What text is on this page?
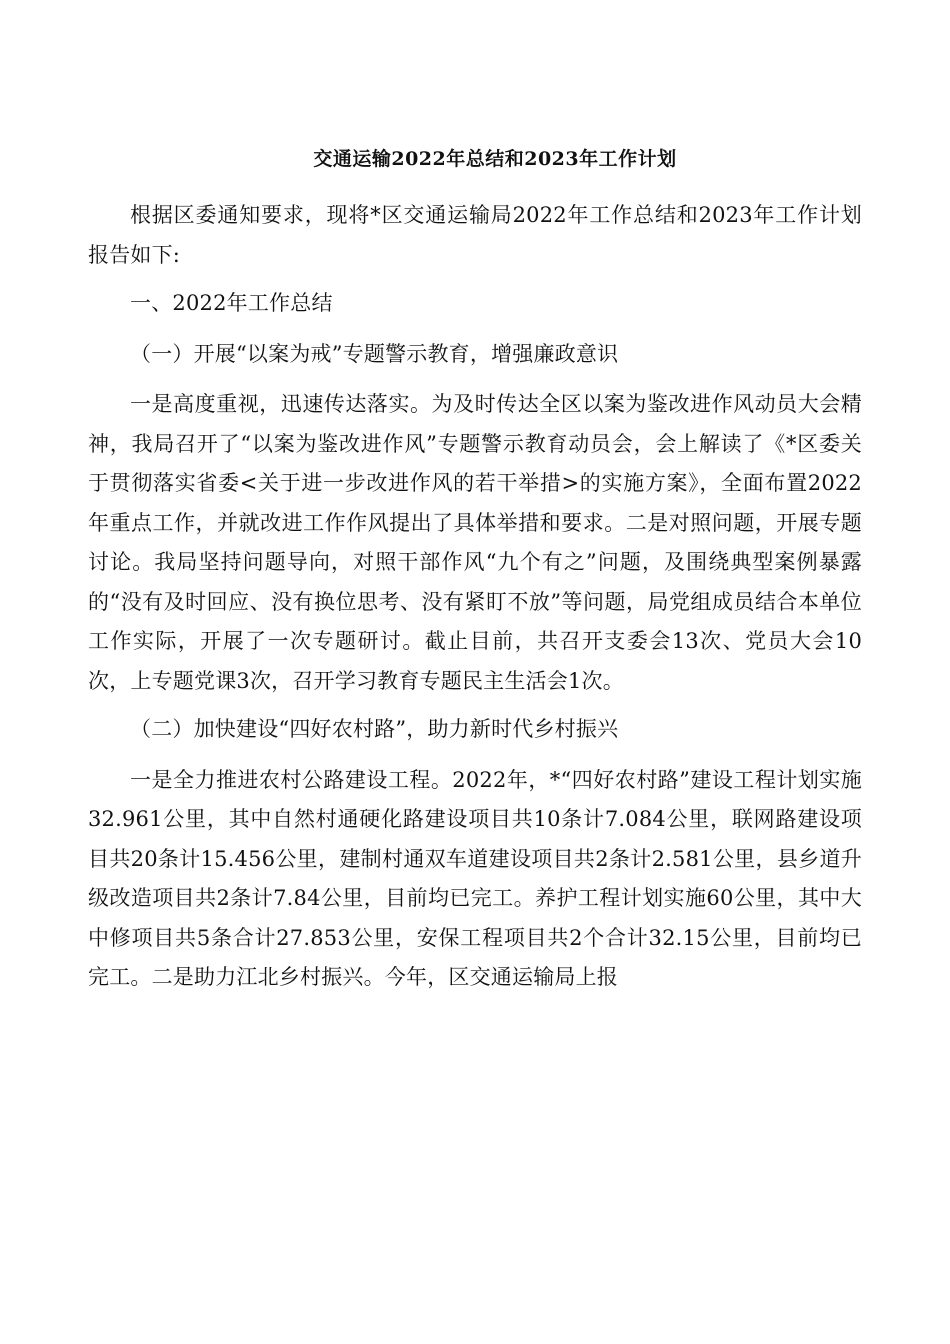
交通运输2022年总结和2023年工作计划

根据区委通知要求，现将*区交通运输局2022年工作总结和2023年工作计划报告如下:

一、2022年工作总结

（一）开展“以案为戒”专题警示教育，增强廉政意识

一是高度重视，迅速传达落实。为及时传达全区以案为鉴改进作风动员大会精神，我局召开了“以案为鉴改进作风”专题警示教育动员会，会上解读了《*区委关于贯彻落实省委<关于进一步改进作风的若干举措>的实施方案》，全面布置2022年重点工作，并就改进工作作风提出了具体举措和要求。二是对照问题，开展专题讨论。我局坚持问题导向，对照干部作风“九个有之”问题，及围绕典型案例暴露的“没有及时回应、没有换位思考、没有紧盯不放”等问题，局党组成员结合本单位工作实际，开展了一次专题研讨。截止目前，共召开支委会13次、党员大会10次，上专题党课3次，召开学习教育专题民主生活会1次。

（二）加快建设“四好农村路”，助力新时代乡村振兴

一是全力推进农村公路建设工程。2022年，*“四好农村路”建设工程计划实施32.961公里，其中自然村通硬化路建设项目共10条计7.084公里，联网路建设项目共20条计15.456公里，建制村通双车道建设项目共2条计2.581公里，县乡道升级改造项目共2条计7.84公里，目前均已完工。养护工程计划实施60公里，其中大中修项目共5条合计27.853公里，安保工程项目共2个合计32.15公里，目前均已完工。二是助力江北乡村振兴。今年，区交通运输局上报
